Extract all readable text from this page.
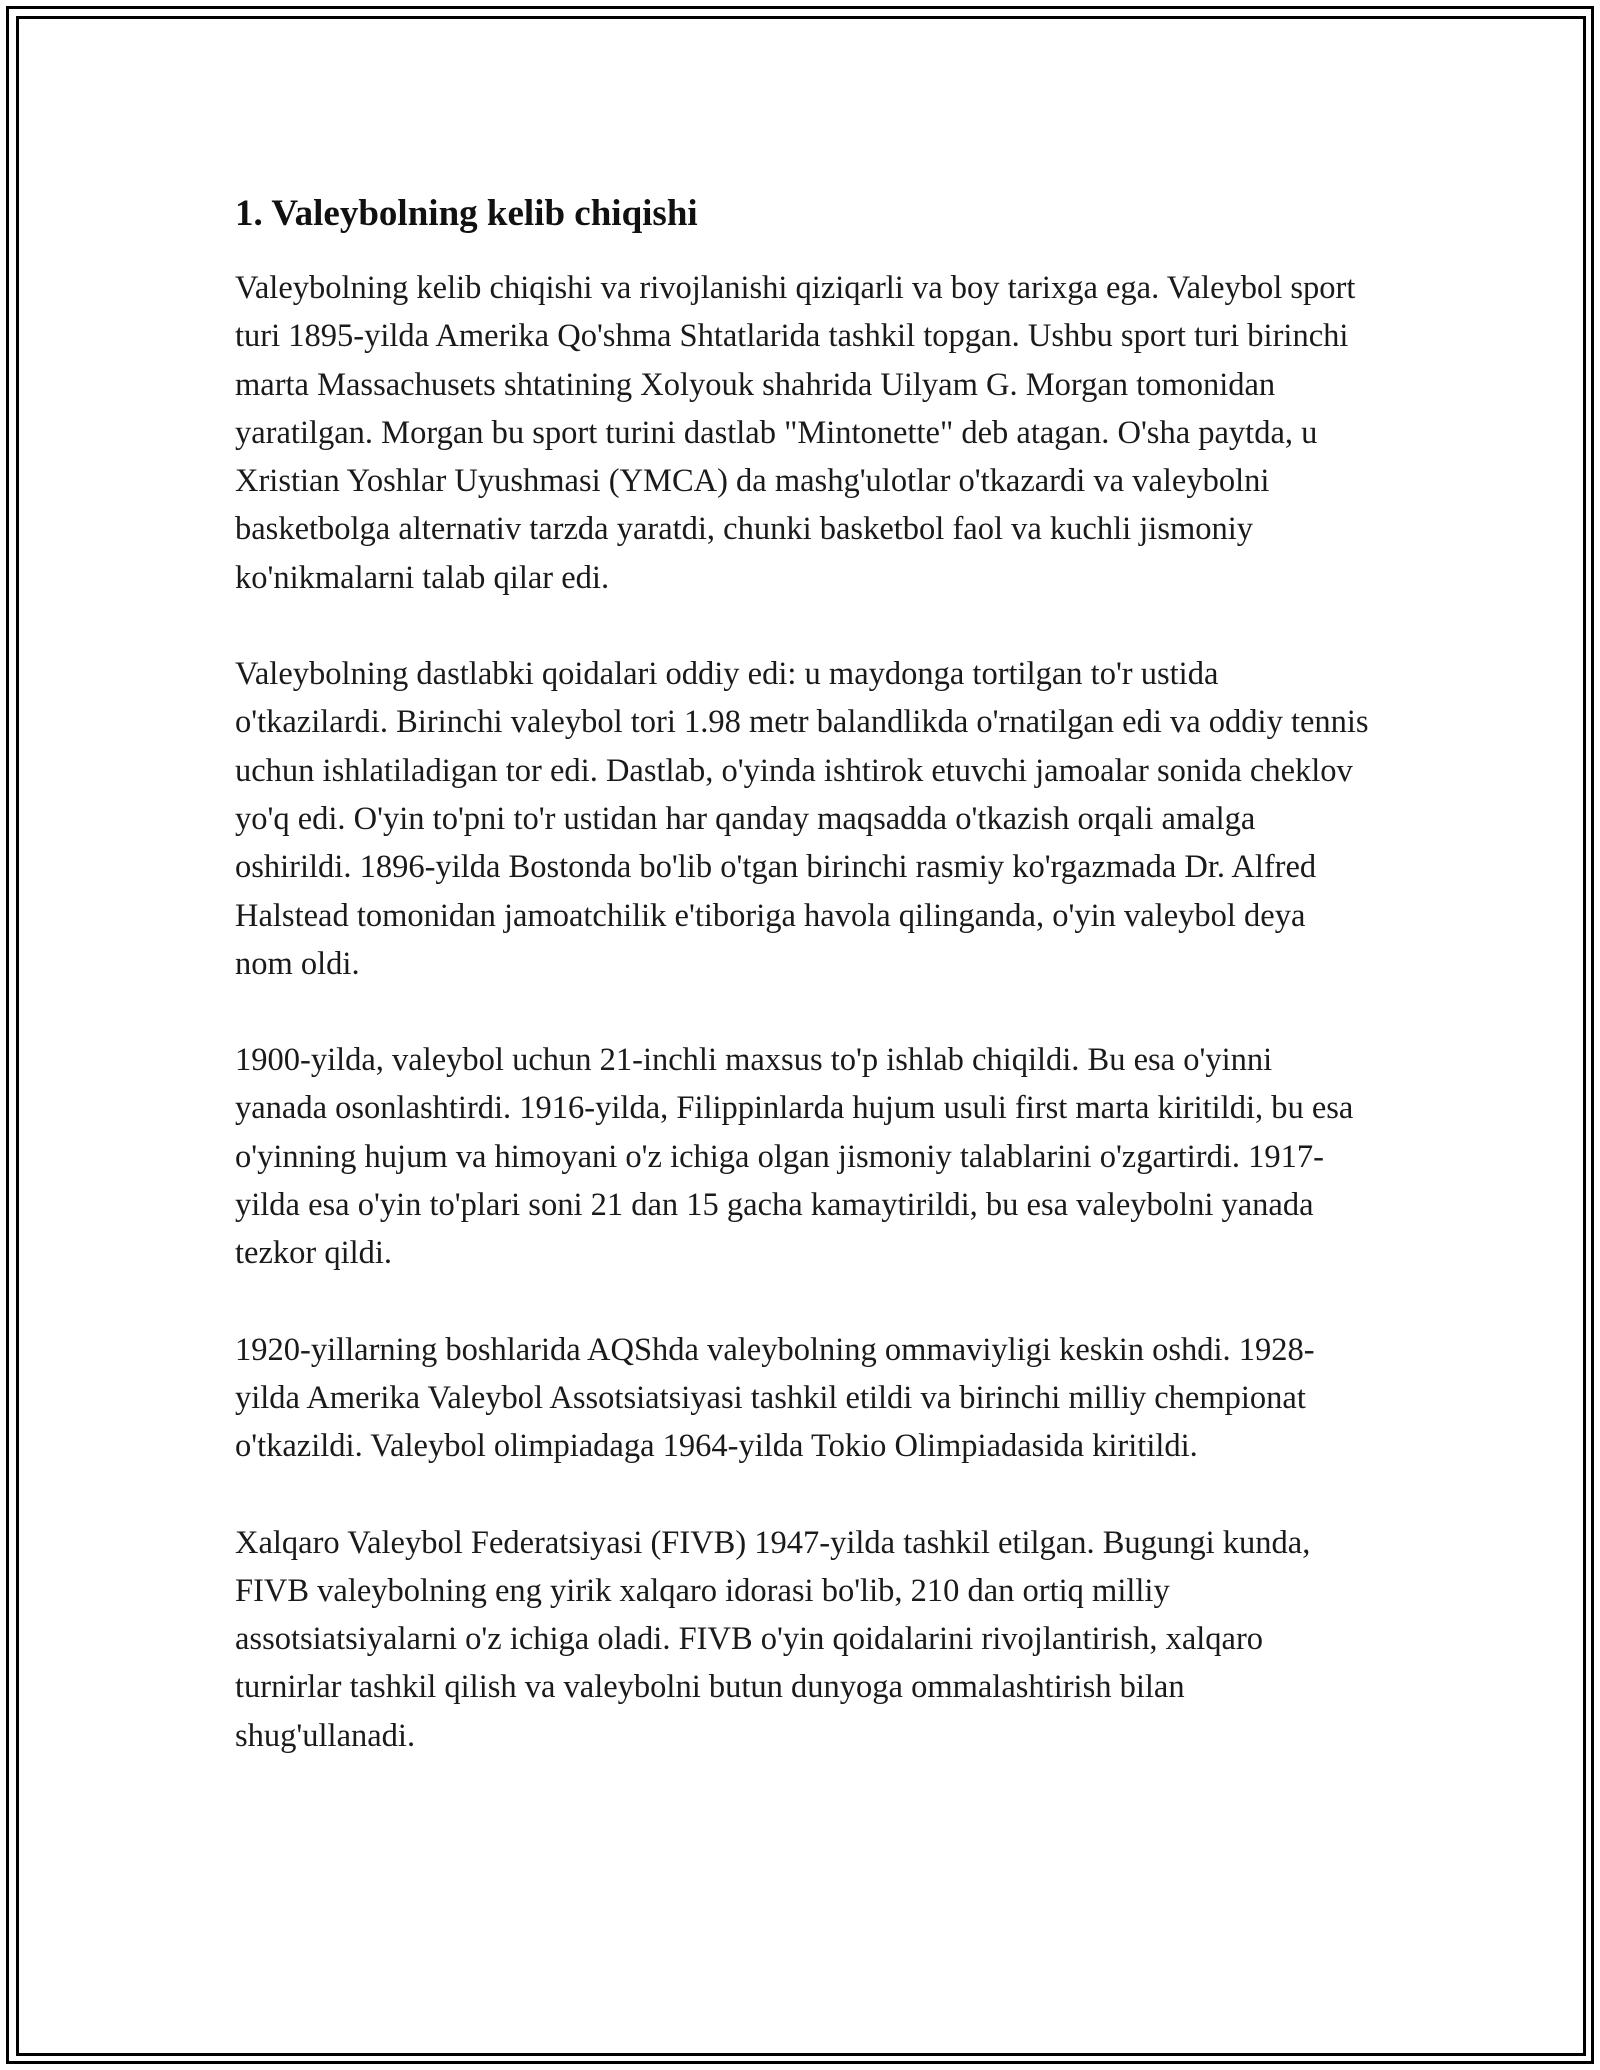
1. Valeybolning kelib chiqishi

Valeybolning kelib chiqishi va rivojlanishi qiziqarli va boy tarixga ega. Valeybol sport turi 1895-yilda Amerika Qo'shma Shtatlarida tashkil topgan. Ushbu sport turi birinchi marta Massachusets shtatining Xolyouk shahrida Uilyam G. Morgan tomonidan yaratilgan. Morgan bu sport turini dastlab "Mintonette" deb atagan. O'sha paytda, u Xristian Yoshlar Uyushmasi (YMCA) da mashg'ulotlar o'tkazardi va valeybolni basketbolga alternativ tarzda yaratdi, chunki basketbol faol va kuchli jismoniy ko'nikmalarni talab qilar edi.

Valeybolning dastlabki qoidalari oddiy edi: u maydonga tortilgan to'r ustida o'tkazilardi. Birinchi valeybol tori 1.98 metr balandlikda o'rnatilgan edi va oddiy tennis uchun ishlatiladigan tor edi. Dastlab, o'yinda ishtirok etuvchi jamoalar sonida cheklov yo'q edi. O'yin to'pni to'r ustidan har qanday maqsadda o'tkazish orqali amalga oshirildi. 1896-yilda Bostonda bo'lib o'tgan birinchi rasmiy ko'rgazmada Dr. Alfred Halstead tomonidan jamoatchilik e'tiboriga havola qilinganda, o'yin valeybol deya nom oldi.

1900-yilda, valeybol uchun 21-inchli maxsus to'p ishlab chiqildi. Bu esa o'yinni yanada osonlashtirdi. 1916-yilda, Filippinlarda hujum usuli first marta kiritildi, bu esa o'yinning hujum va himoyani o'z ichiga olgan jismoniy talablarini o'zgartirdi. 1917-yilda esa o'yin to'plari soni 21 dan 15 gacha kamaytirildi, bu esa valeybolni yanada tezkor qildi.

1920-yillarning boshlarida AQShda valeybolning ommaviyligi keskin oshdi. 1928-yilda Amerika Valeybol Assotsiatsiyasi tashkil etildi va birinchi milliy chempionat o'tkazildi. Valeybol olimpiadaga 1964-yilda Tokio Olimpiadasida kiritildi.

Xalqaro Valeybol Federatsiyasi (FIVB) 1947-yilda tashkil etilgan. Bugungi kunda, FIVB valeybolning eng yirik xalqaro idorasi bo'lib, 210 dan ortiq milliy assotsiatsiyalarni o'z ichiga oladi. FIVB o'yin qoidalarini rivojlantirish, xalqaro turnirlar tashkil qilish va valeybolni butun dunyoga ommalashtirish bilan shug'ullanadi.
